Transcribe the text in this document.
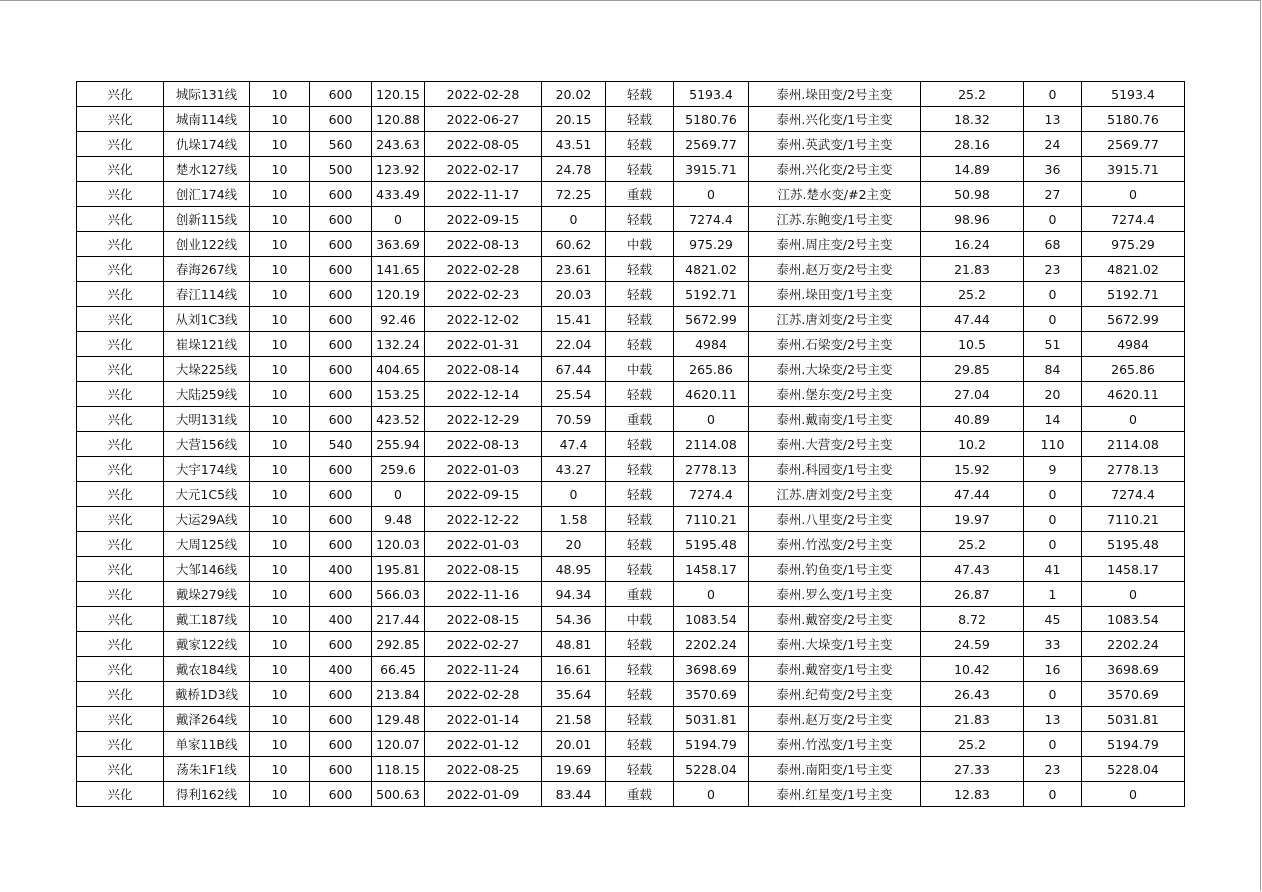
兴化	城际131线	10	600	120.15	2022-02-28	20.02	轻载	5193.4	泰州.垛田变/2号主变	25.2	0	5193.4
兴化	城南114线	10	600	120.88	2022-06-27	20.15	轻载	5180.76	泰州.兴化变/1号主变	18.32	13	5180.76
兴化	仇垛174线	10	560	243.63	2022-08-05	43.51	轻载	2569.77	泰州.英武变/1号主变	28.16	24	2569.77
兴化	楚水127线	10	500	123.92	2022-02-17	24.78	轻载	3915.71	泰州.兴化变/2号主变	14.89	36	3915.71
兴化	创汇174线	10	600	433.49	2022-11-17	72.25	重载	0	江苏.楚水变/#2主变	50.98	27	0
兴化	创新115线	10	600	0	2022-09-15	0	轻载	7274.4	江苏.东鲍变/1号主变	98.96	0	7274.4
兴化	创业122线	10	600	363.69	2022-08-13	60.62	中载	975.29	泰州.周庄变/2号主变	16.24	68	975.29
兴化	春海267线	10	600	141.65	2022-02-28	23.61	轻载	4821.02	泰州.赵万变/2号主变	21.83	23	4821.02
兴化	春江114线	10	600	120.19	2022-02-23	20.03	轻载	5192.71	泰州.垛田变/1号主变	25.2	0	5192.71
兴化	从刘1C3线	10	600	92.46	2022-12-02	15.41	轻载	5672.99	江苏.唐刘变/2号主变	47.44	0	5672.99
兴化	崔垛121线	10	600	132.24	2022-01-31	22.04	轻载	4984	泰州.石梁变/2号主变	10.5	51	4984
兴化	大垛225线	10	600	404.65	2022-08-14	67.44	中载	265.86	泰州.大垛变/2号主变	29.85	84	265.86
兴化	大陆259线	10	600	153.25	2022-12-14	25.54	轻载	4620.11	泰州.堡东变/2号主变	27.04	20	4620.11
兴化	大明131线	10	600	423.52	2022-12-29	70.59	重载	0	泰州.戴南变/1号主变	40.89	14	0
兴化	大营156线	10	540	255.94	2022-08-13	47.4	轻载	2114.08	泰州.大营变/2号主变	10.2	110	2114.08
兴化	大宇174线	10	600	259.6	2022-01-03	43.27	轻载	2778.13	泰州.科园变/1号主变	15.92	9	2778.13
兴化	大元1C5线	10	600	0	2022-09-15	0	轻载	7274.4	江苏.唐刘变/2号主变	47.44	0	7274.4
兴化	大运29A线	10	600	9.48	2022-12-22	1.58	轻载	7110.21	泰州.八里变/2号主变	19.97	0	7110.21
兴化	大周125线	10	600	120.03	2022-01-03	20	轻载	5195.48	泰州.竹泓变/2号主变	25.2	0	5195.48
兴化	大邹146线	10	400	195.81	2022-08-15	48.95	轻载	1458.17	泰州.钓鱼变/1号主变	47.43	41	1458.17
兴化	戴垛279线	10	600	566.03	2022-11-16	94.34	重载	0	泰州.罗么变/1号主变	26.87	1	0
兴化	戴工187线	10	400	217.44	2022-08-15	54.36	中载	1083.54	泰州.戴窑变/2号主变	8.72	45	1083.54
兴化	戴家122线	10	600	292.85	2022-02-27	48.81	轻载	2202.24	泰州.大垛变/1号主变	24.59	33	2202.24
兴化	戴农184线	10	400	66.45	2022-11-24	16.61	轻载	3698.69	泰州.戴窑变/1号主变	10.42	16	3698.69
兴化	戴桥1D3线	10	600	213.84	2022-02-28	35.64	轻载	3570.69	泰州.纪荀变/2号主变	26.43	0	3570.69
兴化	戴泽264线	10	600	129.48	2022-01-14	21.58	轻载	5031.81	泰州.赵万变/2号主变	21.83	13	5031.81
兴化	单家11B线	10	600	120.07	2022-01-12	20.01	轻载	5194.79	泰州.竹泓变/1号主变	25.2	0	5194.79
兴化	荡朱1F1线	10	600	118.15	2022-08-25	19.69	轻载	5228.04	泰州.南阳变/1号主变	27.33	23	5228.04
兴化	得利162线	10	600	500.63	2022-01-09	83.44	重载	0	泰州.红星变/1号主变	12.83	0	0
